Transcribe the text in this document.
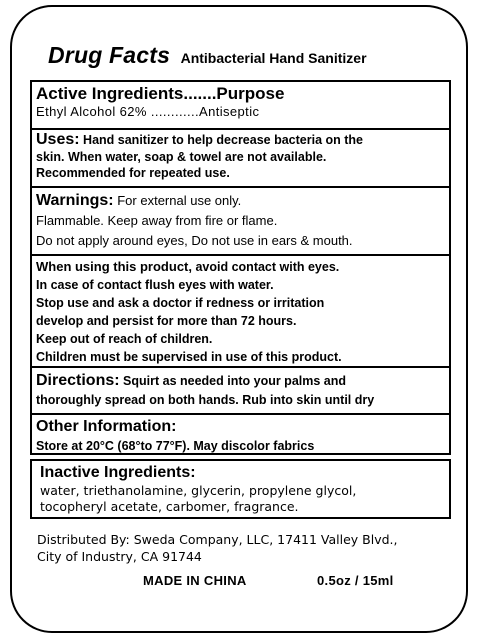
Drug Facts Antibacterial Hand Sanitizer
Active Ingredients.......Purpose
Ethyl Alcohol 62% ............Antiseptic
Uses: Hand sanitizer to help decrease bacteria on the
skin. When water, soap & towel are not available.
Recommended for repeated use.
Warnings: For external use only.
Flammable. Keep away from fire or flame.
Do not apply around eyes, Do not use in ears & mouth.
When using this product, avoid contact with eyes.
In case of contact flush eyes with water.
Stop use and ask a doctor if redness or irritation
develop and persist for more than 72 hours.
Keep out of reach of children.
Children must be supervised in use of this product.
Directions: Squirt as needed into your palms and
thoroughly spread on both hands. Rub into skin until dry
Other Information:
Store at 20°C (68°to 77°F). May discolor fabrics
Inactive Ingredients:
water, triethanolamine, glycerin, propylene glycol,
tocopheryl acetate, carbomer, fragrance.
Distributed By: Sweda Company, LLC, 17411 Valley Blvd.,
City of Industry, CA 91744
MADE IN CHINA	0.5oz / 15ml
